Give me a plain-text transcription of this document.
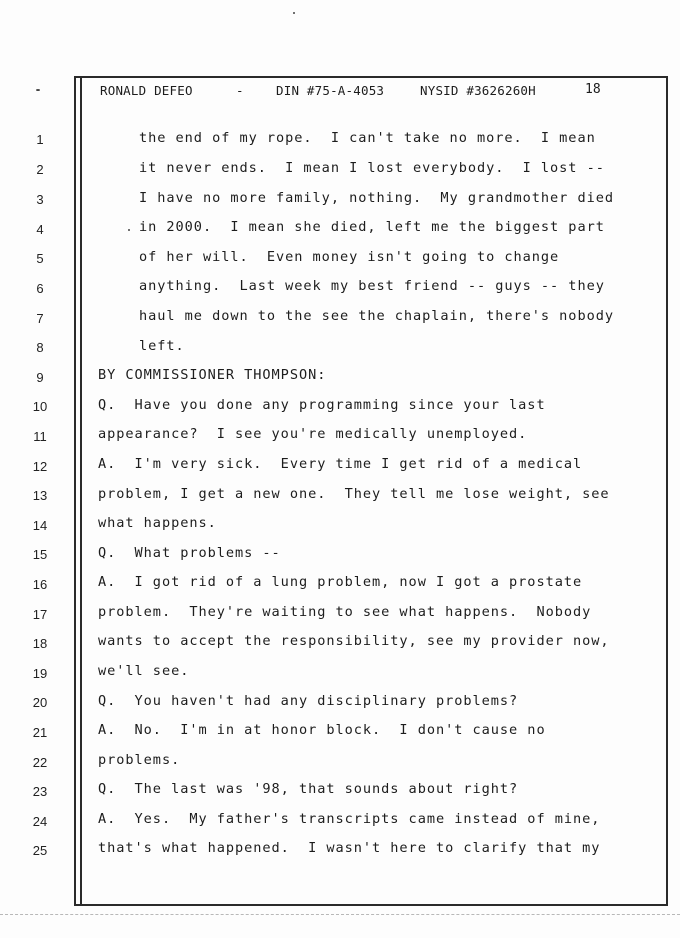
RONALD DEFEO

	-

	DIN #75-A-4053

	NYSID #3626260H

	18
1
2
3
4
5
6
7
8
9
10
11
12
13
14
15
16
17
18
19
20
21
22
23
24
25
the end of my rope.  I can't take no more.  I mean
it never ends.  I mean I lost everybody.  I lost --
I have no more family, nothing.  My grandmother died
in 2000.  I mean she died, left me the biggest part
of her will.  Even money isn't going to change
anything.  Last week my best friend -- guys -- they
haul me down to the see the chaplain, there's nobody
left.
BY COMMISSIONER THOMPSON:
Q.  Have you done any programming since your last
appearance?  I see you're medically unemployed.
A.  I'm very sick.  Every time I get rid of a medical
problem, I get a new one.  They tell me lose weight, see
what happens.
Q.  What problems --
A.  I got rid of a lung problem, now I got a prostate
problem.  They're waiting to see what happens.  Nobody
wants to accept the responsibility, see my provider now,
we'll see.
Q.  You haven't had any disciplinary problems?
A.  No.  I'm in at honor block.  I don't cause no
problems.
Q.  The last was '98, that sounds about right?
A.  Yes.  My father's transcripts came instead of mine,
that's what happened.  I wasn't here to clarify that my
